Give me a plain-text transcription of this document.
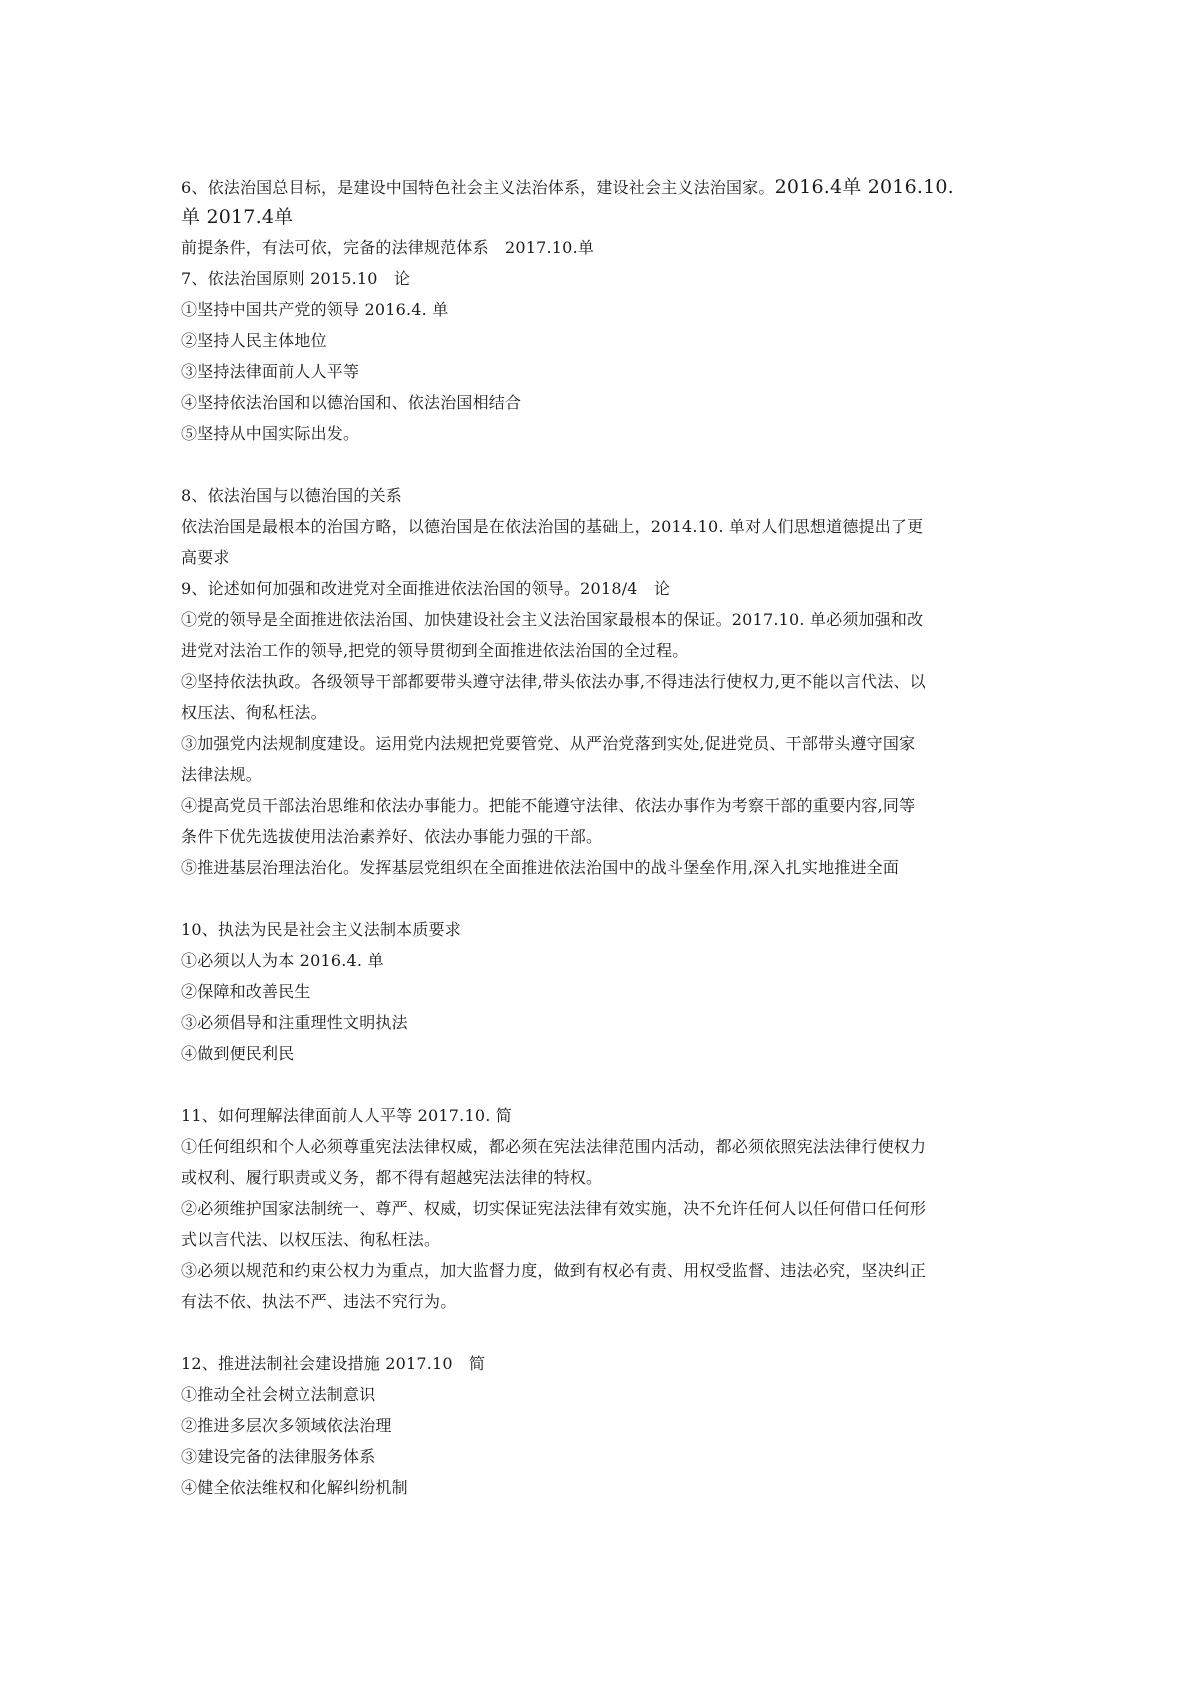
6、依法治国总目标，是建设中国特色社会主义法治体系，建设社会主义法治国家。2016.4单 2016.10.
单 2017.4单
前提条件，有法可依，完备的法律规范体系　2017.10.单
7、依法治国原则 2015.10　论
①坚持中国共产党的领导 2016.4. 单
②坚持人民主体地位
③坚持法律面前人人平等
④坚持依法治国和以德治国和、依法治国相结合
⑤坚持从中国实际出发。
8、依法治国与以德治国的关系
依法治国是最根本的治国方略，以德治国是在依法治国的基础上，2014.10. 单对人们思想道德提出了更
高要求
9、论述如何加强和改进党对全面推进依法治国的领导。2018/4　论
①党的领导是全面推进依法治国、加快建设社会主义法治国家最根本的保证。2017.10. 单必须加强和改
进党对法治工作的领导,把党的领导贯彻到全面推进依法治国的全过程。
②坚持依法执政。各级领导干部都要带头遵守法律,带头依法办事,不得违法行使权力,更不能以言代法、以
权压法、徇私枉法。
③加强党内法规制度建设。运用党内法规把党要管党、从严治党落到实处,促进党员、干部带头遵守国家
法律法规。
④提高党员干部法治思维和依法办事能力。把能不能遵守法律、依法办事作为考察干部的重要内容,同等
条件下优先选拔使用法治素养好、依法办事能力强的干部。
⑤推进基层治理法治化。发挥基层党组织在全面推进依法治国中的战斗堡垒作用,深入扎实地推进全面
10、执法为民是社会主义法制本质要求
①必须以人为本 2016.4. 单
②保障和改善民生
③必须倡导和注重理性文明执法
④做到便民利民
11、如何理解法律面前人人平等 2017.10. 简
①任何组织和个人必须尊重宪法法律权威，都必须在宪法法律范围内活动，都必须依照宪法法律行使权力
或权利、履行职责或义务，都不得有超越宪法法律的特权。
②必须维护国家法制统一、尊严、权威，切实保证宪法法律有效实施，决不允许任何人以任何借口任何形
式以言代法、以权压法、徇私枉法。
③必须以规范和约束公权力为重点，加大监督力度，做到有权必有责、用权受监督、违法必究，坚决纠正
有法不依、执法不严、违法不究行为。
12、推进法制社会建设措施 2017.10　简
①推动全社会树立法制意识
②推进多层次多领域依法治理
③建设完备的法律服务体系
④健全依法维权和化解纠纷机制
